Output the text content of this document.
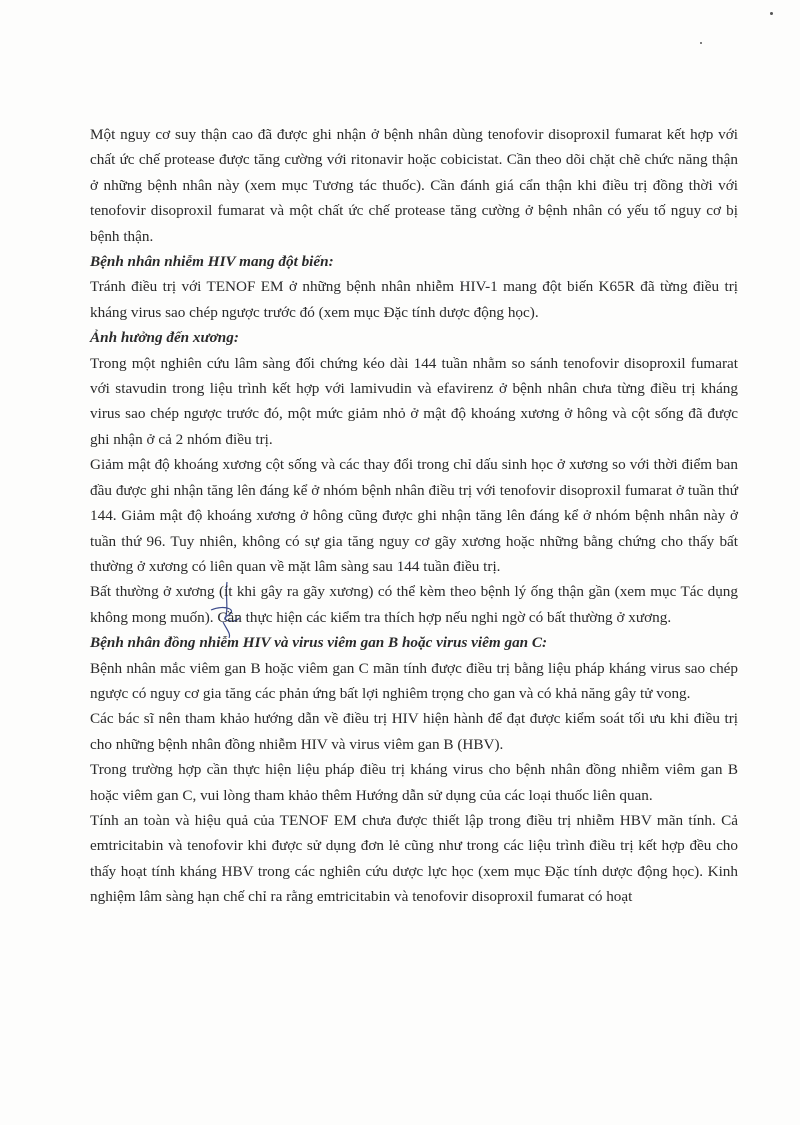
Một nguy cơ suy thận cao đã được ghi nhận ở bệnh nhân dùng tenofovir disoproxil fumarat kết hợp với chất ức chế protease được tăng cường với ritonavir hoặc cobicistat. Cần theo dõi chặt chẽ chức năng thận ở những bệnh nhân này (xem mục Tương tác thuốc). Cần đánh giá cẩn thận khi điều trị đồng thời với tenofovir disoproxil fumarat và một chất ức chế protease tăng cường ở bệnh nhân có yếu tố nguy cơ bị bệnh thận.

Bệnh nhân nhiễm HIV mang đột biến:

Tránh điều trị với TENOF EM ở những bệnh nhân nhiễm HIV-1 mang đột biến K65R đã từng điều trị kháng virus sao chép ngược trước đó (xem mục Đặc tính dược động học).

Ảnh hưởng đến xương:

Trong một nghiên cứu lâm sàng đối chứng kéo dài 144 tuần nhằm so sánh tenofovir disoproxil fumarat với stavudin trong liệu trình kết hợp với lamivudin và efavirenz ở bệnh nhân chưa từng điều trị kháng virus sao chép ngược trước đó, một mức giảm nhỏ ở mật độ khoáng xương ở hông và cột sống đã được ghi nhận ở cả 2 nhóm điều trị.

Giảm mật độ khoáng xương cột sống và các thay đổi trong chỉ dấu sinh học ở xương so với thời điểm ban đầu được ghi nhận tăng lên đáng kể ở nhóm bệnh nhân điều trị với tenofovir disoproxil fumarat ở tuần thứ 144. Giảm mật độ khoáng xương ở hông cũng được ghi nhận tăng lên đáng kể ở nhóm bệnh nhân này ở tuần thứ 96. Tuy nhiên, không có sự gia tăng nguy cơ gãy xương hoặc những bằng chứng cho thấy bất thường ở xương có liên quan về mặt lâm sàng sau 144 tuần điều trị.

Bất thường ở xương (ít khi gây ra gãy xương) có thể kèm theo bệnh lý ống thận gần (xem mục Tác dụng không mong muốn). Cần thực hiện các kiểm tra thích hợp nếu nghi ngờ có bất thường ở xương.

Bệnh nhân đồng nhiễm HIV và virus viêm gan B hoặc virus viêm gan C:

Bệnh nhân mắc viêm gan B hoặc viêm gan C mãn tính được điều trị bằng liệu pháp kháng virus sao chép ngược có nguy cơ gia tăng các phản ứng bất lợi nghiêm trọng cho gan và có khả năng gây tử vong.

Các bác sĩ nên tham khảo hướng dẫn về điều trị HIV hiện hành để đạt được kiểm soát tối ưu khi điều trị cho những bệnh nhân đồng nhiễm HIV và virus viêm gan B (HBV).

Trong trường hợp cần thực hiện liệu pháp điều trị kháng virus cho bệnh nhân đồng nhiễm viêm gan B hoặc viêm gan C, vui lòng tham khảo thêm Hướng dẫn sử dụng của các loại thuốc liên quan.

Tính an toàn và hiệu quả của TENOF EM chưa được thiết lập trong điều trị nhiễm HBV mãn tính. Cả emtricitabin và tenofovir khi được sử dụng đơn lẻ cũng như trong các liệu trình điều trị kết hợp đều cho thấy hoạt tính kháng HBV trong các nghiên cứu dược lực học (xem mục Đặc tính dược động học). Kinh nghiệm lâm sàng hạn chế chỉ ra rằng emtricitabin và tenofovir disoproxil fumarat có hoạt
